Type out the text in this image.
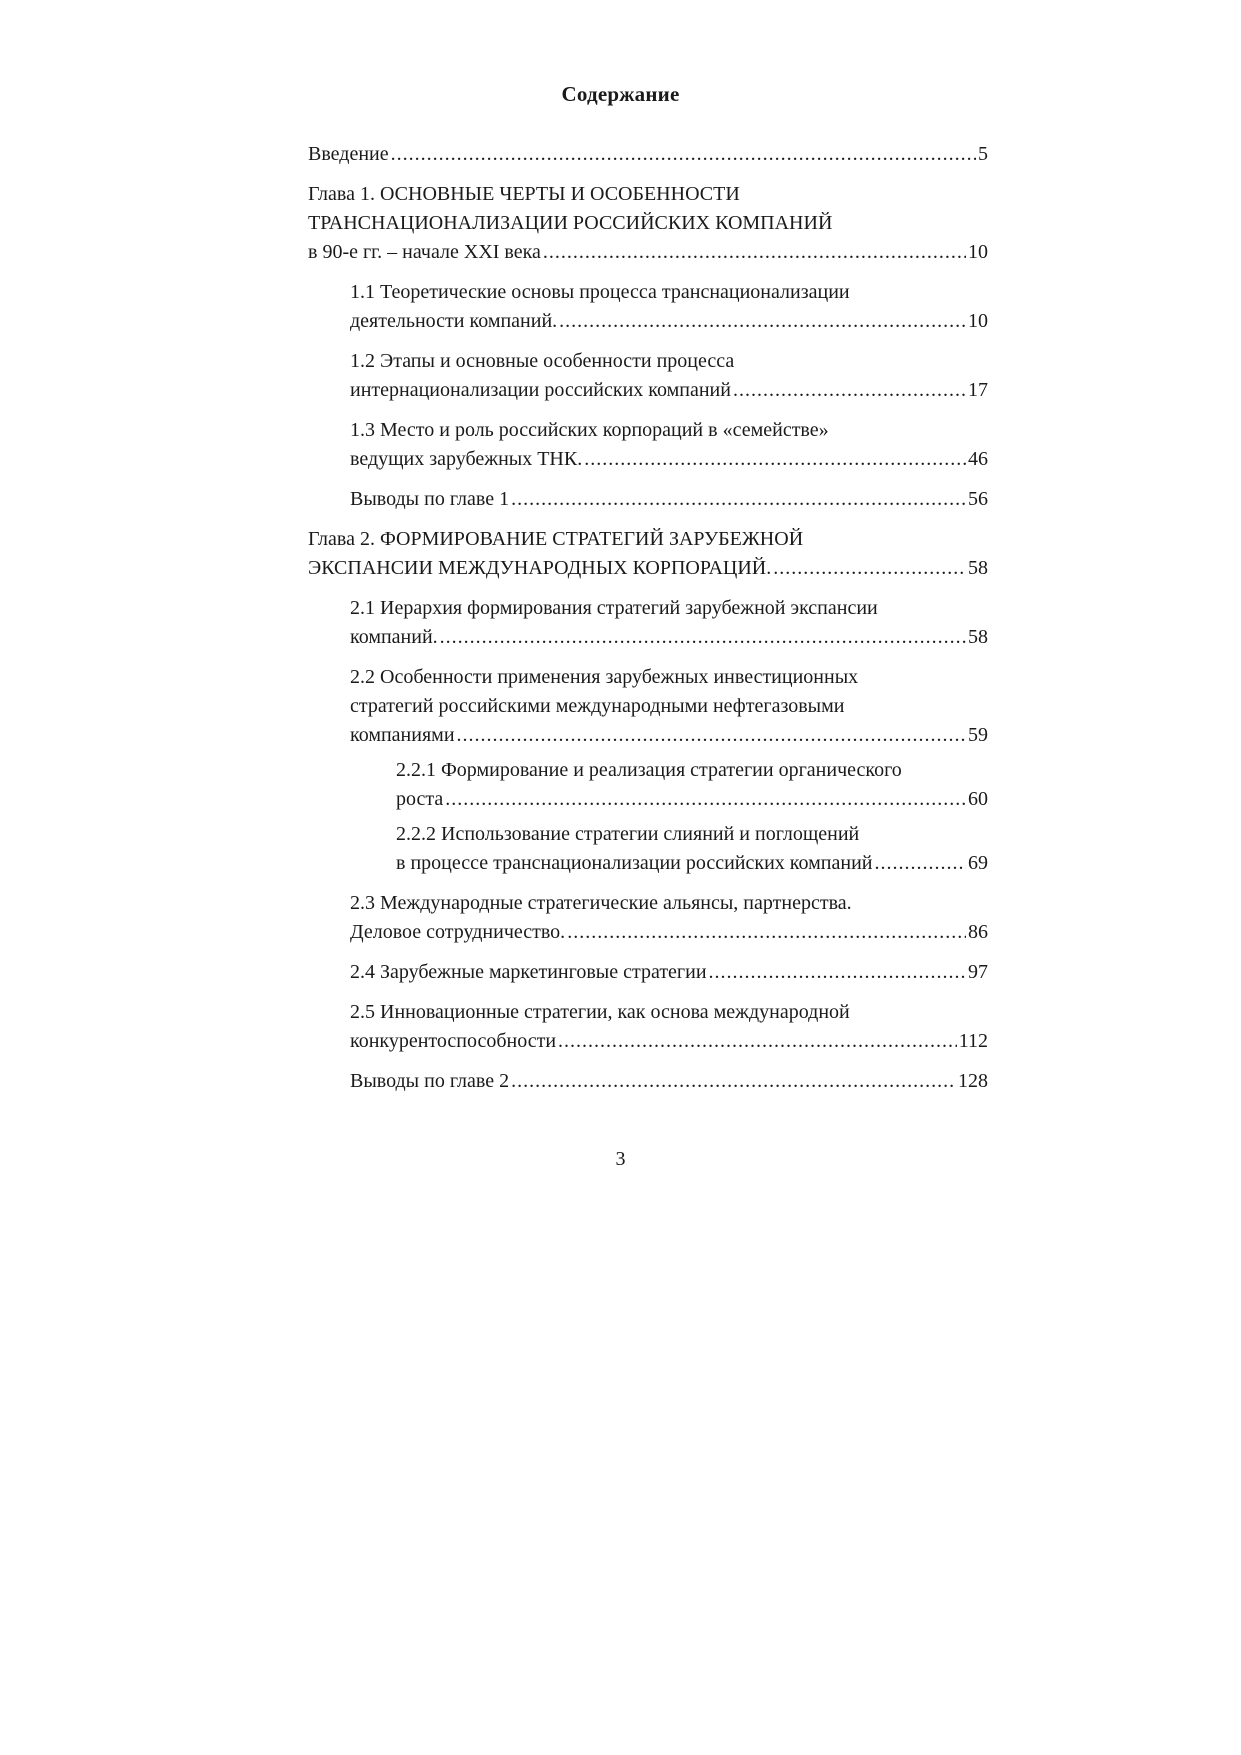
Содержание
Введение .....	5
Глава 1. ОСНОВНЫЕ ЧЕРТЫ И ОСОБЕННОСТИ
ТРАНСНАЦИОНАЛИЗАЦИИ РОССИЙСКИХ КОМПАНИЙ
в 90-е гг. – начале XXI века .....	10
1.1 Теоретические основы процесса транснационализации
деятельности компаний. .....	10
1.2 Этапы и основные особенности процесса
интернационализации российских компаний .....	17
1.3 Место и роль российских корпораций в «семействе»
ведущих зарубежных ТНК. .....	46
Выводы по главе 1 .....	56
Глава 2. ФОРМИРОВАНИЕ СТРАТЕГИЙ ЗАРУБЕЖНОЙ
ЭКСПАНСИИ МЕЖДУНАРОДНЫХ КОРПОРАЦИЙ. .....	58
2.1 Иерархия формирования стратегий зарубежной экспансии
компаний. .....	58
2.2 Особенности применения зарубежных инвестиционных
стратегий российскими международными нефтегазовыми
компаниями .....	59
2.2.1 Формирование и реализация стратегии органического
роста .....	60
2.2.2 Использование стратегии слияний и поглощений
в процессе транснационализации российских компаний .....	69
2.3 Международные стратегические альянсы, партнерства.
Деловое сотрудничество. .....	86
2.4 Зарубежные маркетинговые стратегии .....	97
2.5 Инновационные стратегии, как основа международной
конкурентоспособности .....	112
Выводы по главе 2 .....	128
3
